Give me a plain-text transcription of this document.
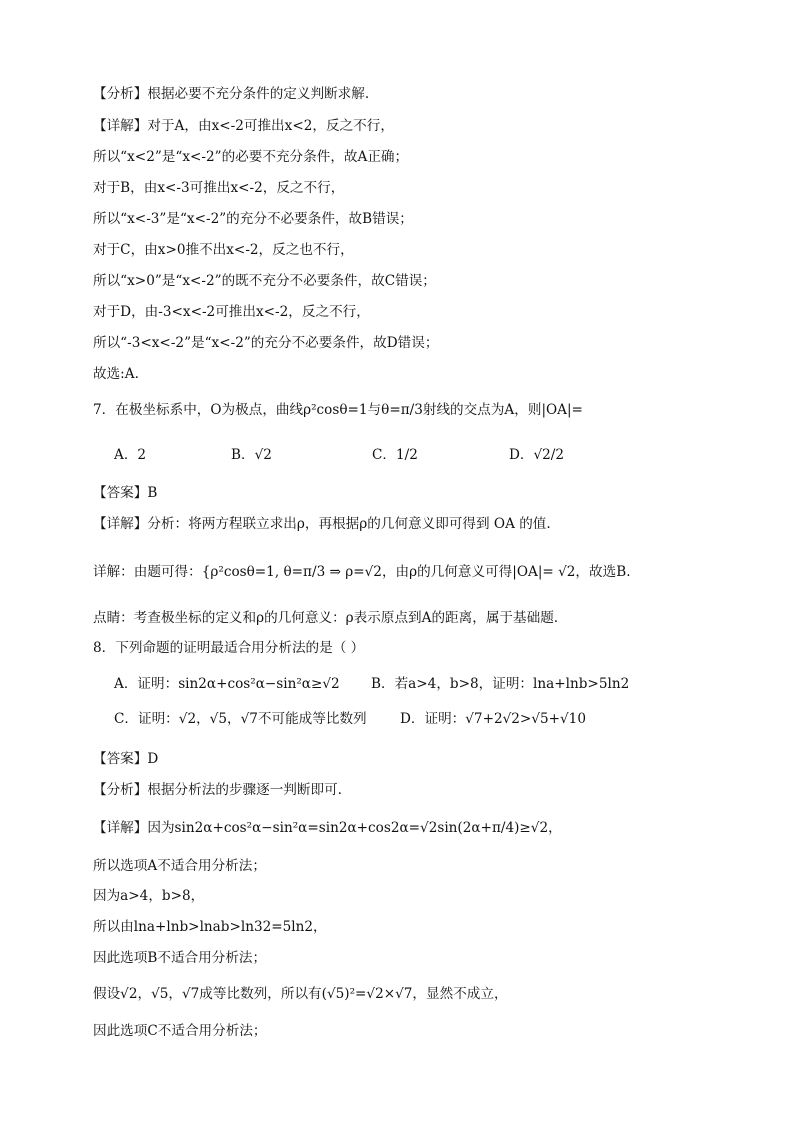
【分析】根据必要不充分条件的定义判断求解.
【详解】对于A，由x<-2可推出x<2，反之不行，
所以“x<2”是“x<-2”的必要不充分条件，故A正确；
对于B，由x<-3可推出x<-2，反之不行，
所以“x<-3”是“x<-2”的充分不必要条件，故B错误；
对于C，由x>0推不出x<-2，反之也不行，
所以“x>0”是“x<-2”的既不充分不必要条件，故C错误；
对于D，由-3<x<-2可推出x<-2，反之不行，
所以“-3<x<-2”是“x<-2”的充分不必要条件，故D错误；
故选:A.
7．在极坐标系中，O为极点，曲线ρ²cosθ=1与θ=π/3射线的交点为A，则|OA|=
A．2	B．√2	C．1/2	D．√2/2
【答案】B
【详解】分析：将两方程联立求出ρ，再根据ρ的几何意义即可得到 OA 的值.
详解：由题可得：{ρ²cosθ=1, θ=π/3 ⇒ ρ=√2，由ρ的几何意义可得|OA|= √2，故选B.
点睛：考查极坐标的定义和ρ的几何意义：ρ表示原点到A的距离，属于基础题.
8．下列命题的证明最适合用分析法的是（ ）
A．证明：sin2α+cos²α−sin²α≥√2 B．若a>4，b>8，证明：lna+lnb>5ln2
C．证明：√2，√5，√7不可能成等比数列 D．证明：√7+2√2>√5+√10
【答案】D
【分析】根据分析法的步骤逐一判断即可.
【详解】因为sin2α+cos²α−sin²α=sin2α+cos2α=√2sin(2α+π/4)≥√2，
所以选项A不适合用分析法；
因为a>4，b>8，
所以由lna+lnb>lnab>ln32=5ln2，
因此选项B不适合用分析法；
假设√2，√5，√7成等比数列，所以有(√5)²=√2×√7，显然不成立，
因此选项C不适合用分析法；
